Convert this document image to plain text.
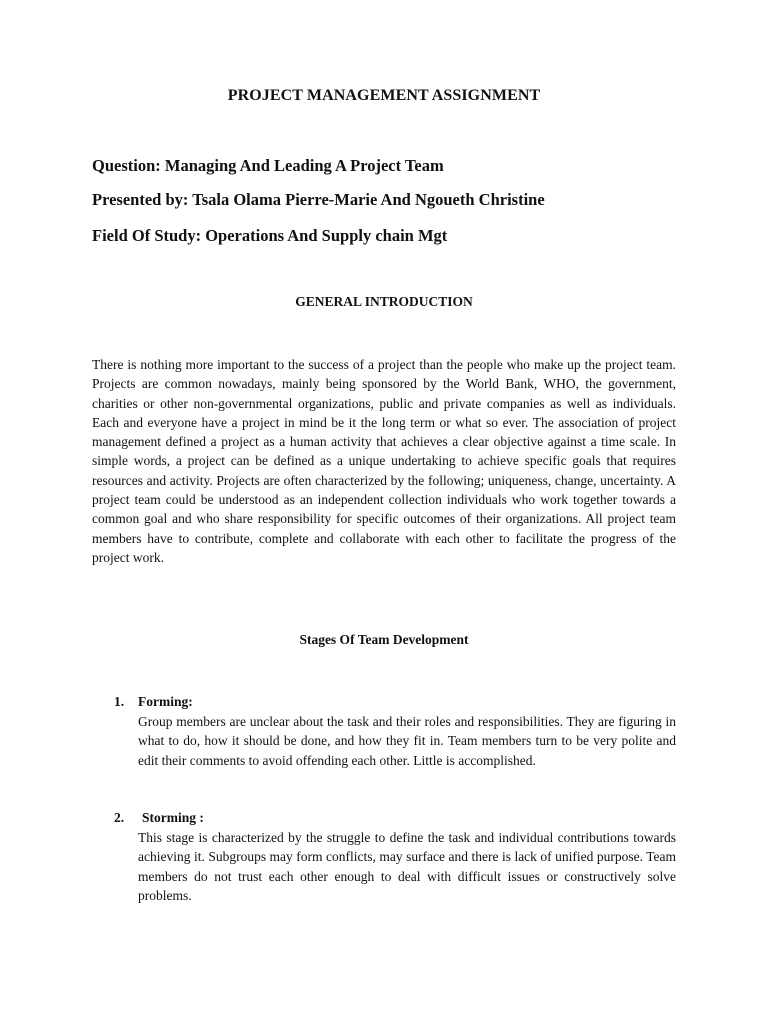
PROJECT MANAGEMENT ASSIGNMENT

Question: Managing And Leading A Project Team

Presented by: Tsala Olama Pierre-Marie And Ngoueth Christine

Field Of Study: Operations And Supply chain Mgt

GENERAL INTRODUCTION

There is nothing more important to the success of a project than the people who make up the project team. Projects are common nowadays, mainly being sponsored by the World Bank, WHO, the government, charities or other non-governmental organizations, public and private companies as well as individuals. Each and everyone have a project in mind be it the long term or what so ever. The association of project management defined a project as a human activity that achieves a clear objective against a time scale. In simple words, a project can be defined as a unique undertaking to achieve specific goals that requires resources and activity. Projects are often characterized by the following; uniqueness, change, uncertainty. A project team could be understood as an independent collection individuals who work together towards a common goal and who share responsibility for specific outcomes of their organizations. All project team members have to contribute, complete and collaborate with each other to facilitate the progress of the project work.

Stages Of Team Development
1. Forming:

Group members are unclear about the task and their roles and responsibilities. They are figuring in what to do, how it should be done, and how they fit in. Team members turn to be very polite and edit their comments to avoid offending each other. Little is accomplished.

2. Storming :

This stage is characterized by the struggle to define the task and individual contributions towards achieving it. Subgroups may form conflicts, may surface and there is lack of unified purpose. Team members do not trust each other enough to deal with difficult issues or constructively solve problems.
